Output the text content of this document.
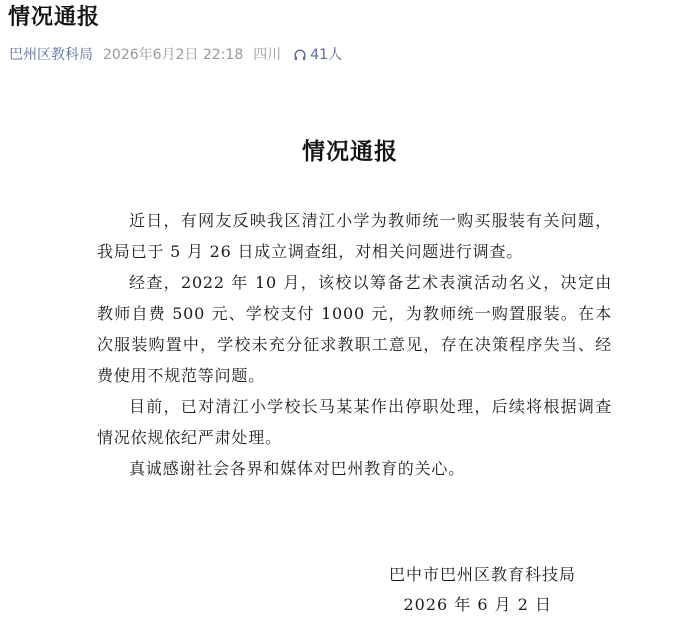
情况通报
巴州区教科局 2026年6月2日 22:18 四川 41人
情况通报

近日，有网友反映我区清江小学为教师统一购买服装有关问题，我局已于 5 月 26 日成立调查组，对相关问题进行调查。

经查，2022 年 10 月，该校以筹备艺术表演活动名义，决定由教师自费 500 元、学校支付 1000 元，为教师统一购置服装。在本次服装购置中，学校未充分征求教职工意见，存在决策程序失当、经费使用不规范等问题。

目前，已对清江小学校长马某某作出停职处理，后续将根据调查情况依规依纪严肃处理。

真诚感谢社会各界和媒体对巴州教育的关心。

巴中市巴州区教育科技局
2026 年 6 月 2 日
